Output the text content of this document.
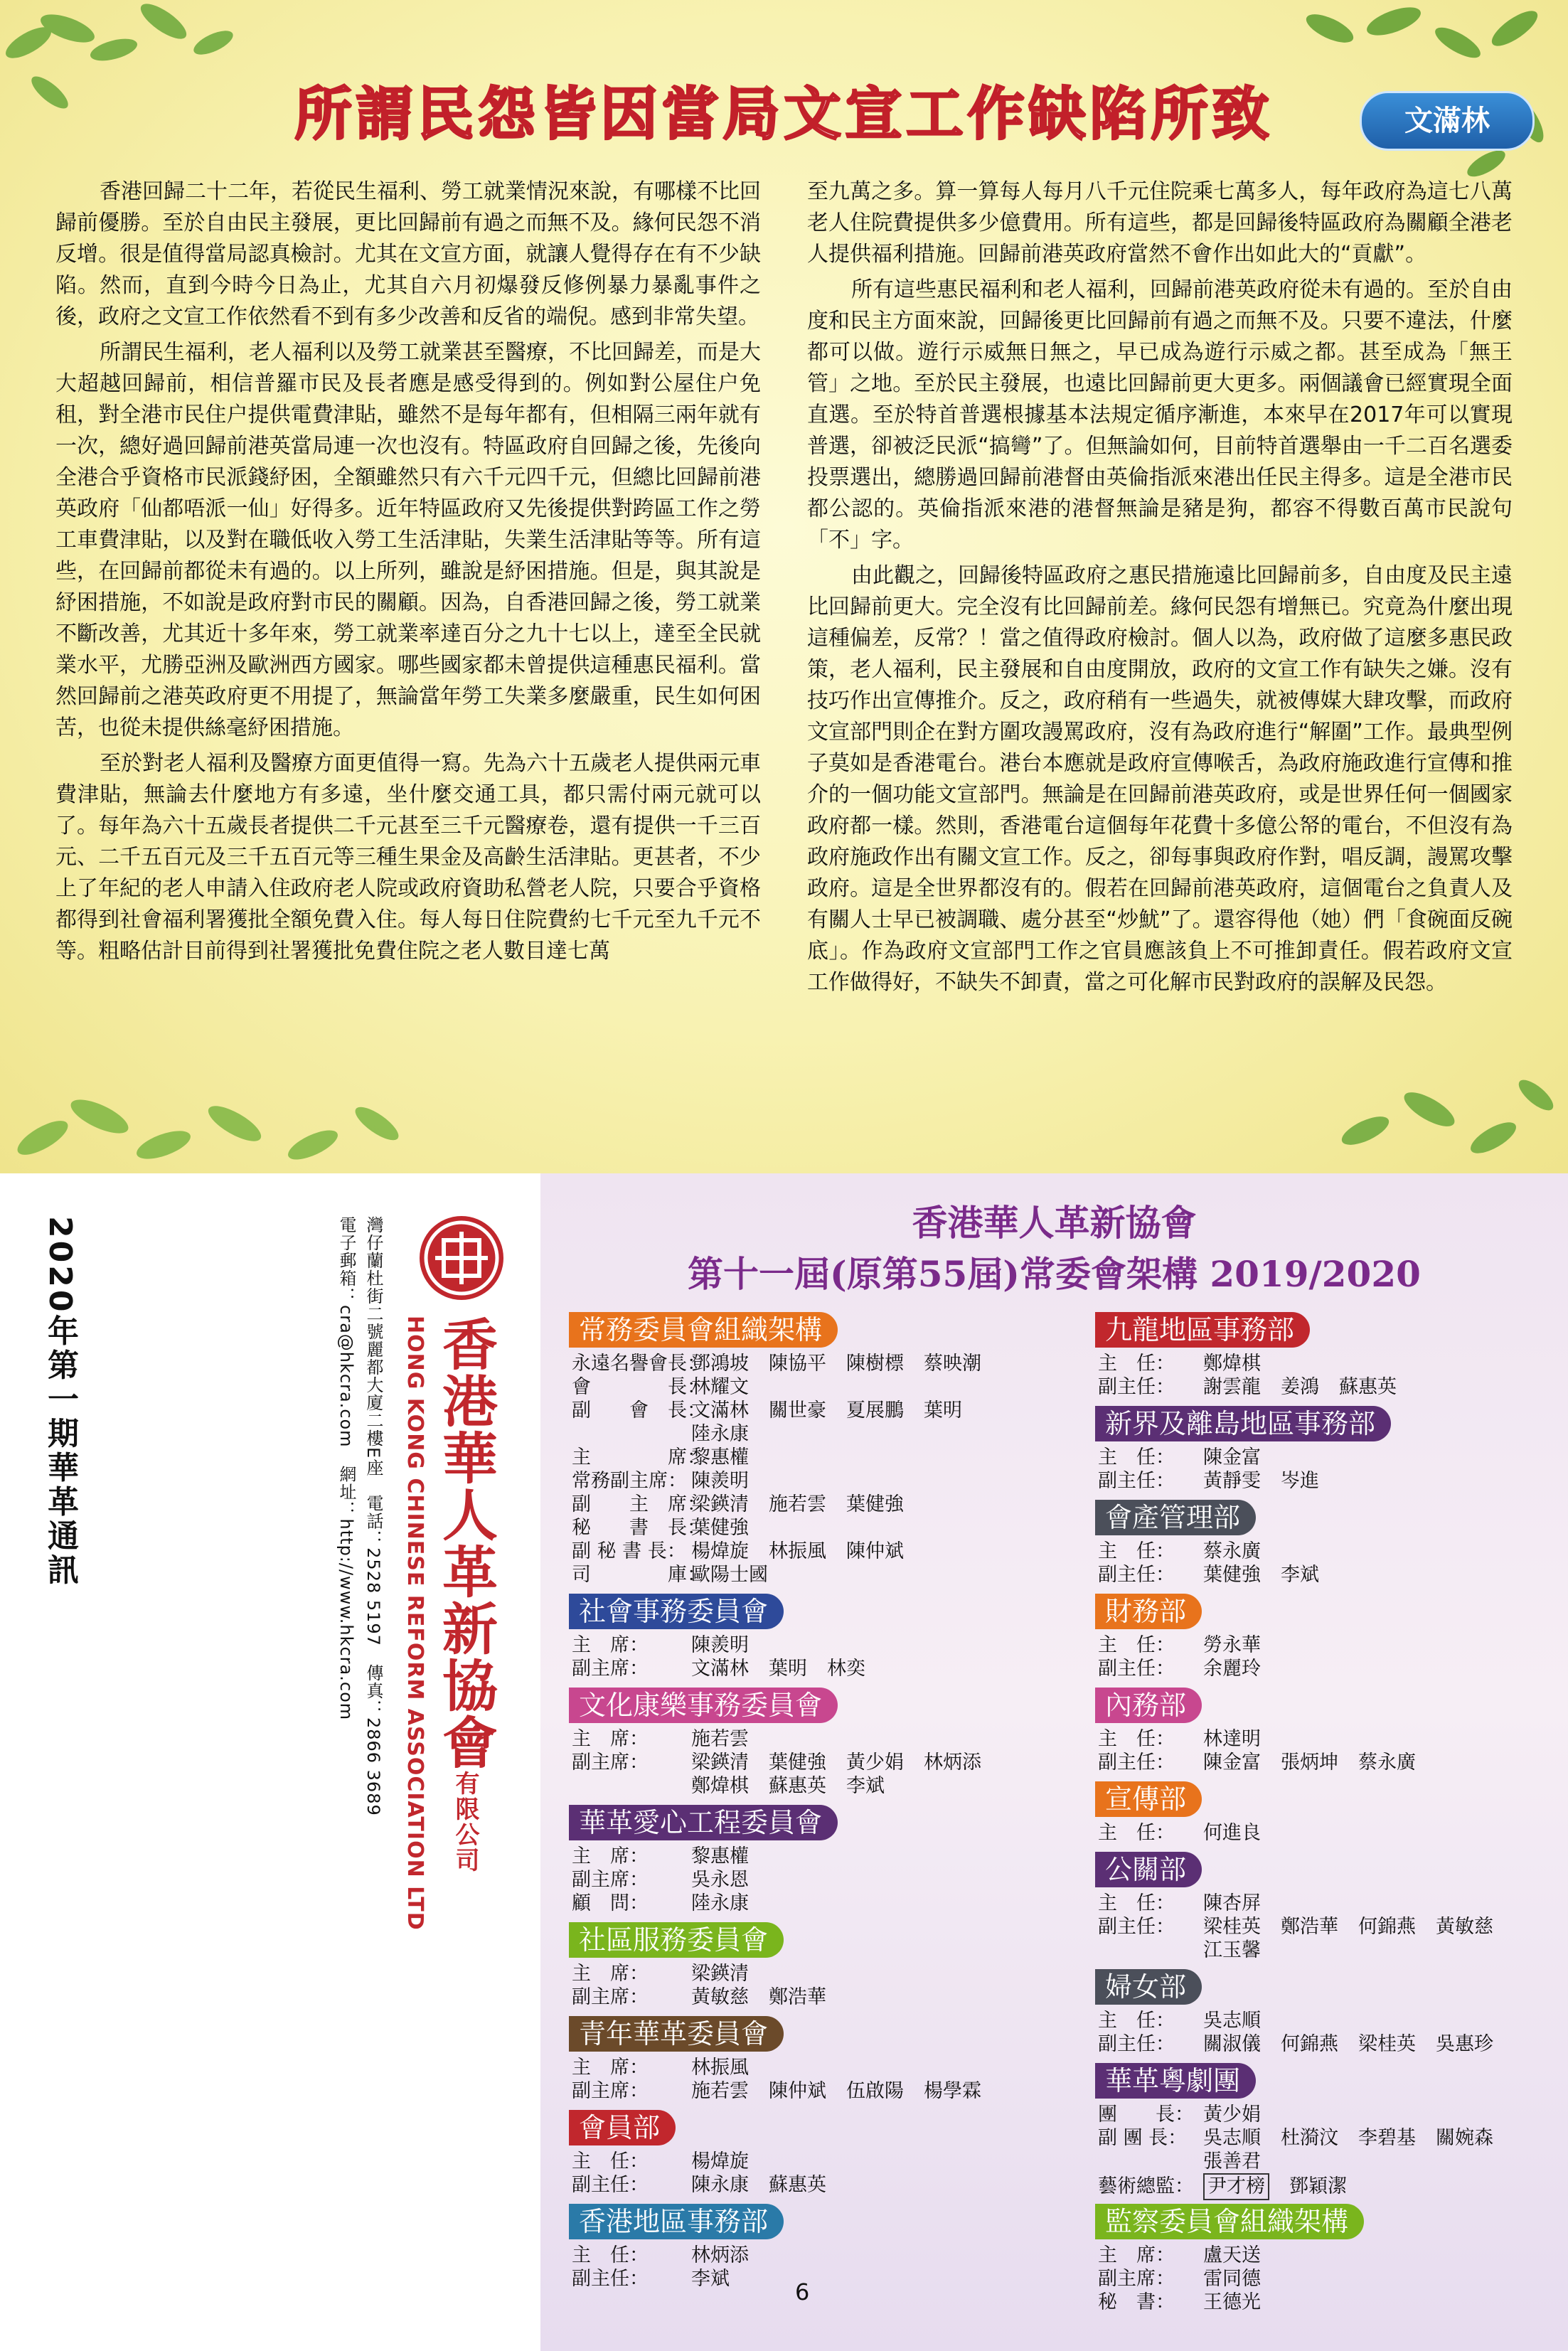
所謂民怨皆因當局文宣工作缺陷所致	文滿林

香港回歸二十二年，若從民生福利、勞工就業情況來說，有哪樣不比回歸前優勝。至於自由民主發展，更比回歸前有過之而無不及。緣何民怨不消反增。很是值得當局認真檢討。尤其在文宣方面，就讓人覺得存在有不少缺陷。然而，直到今時今日為止，尤其自六月初爆發反修例暴力暴亂事件之後，政府之文宣工作依然看不到有多少改善和反省的端倪。感到非常失望。

所謂民生福利，老人福利以及勞工就業甚至醫療，不比回歸差，而是大大超越回歸前，相信普羅市民及長者應是感受得到的。例如對公屋住户免租，對全港市民住户提供電費津貼，雖然不是每年都有，但相隔三兩年就有一次，總好過回歸前港英當局連一次也沒有。特區政府自回歸之後，先後向全港合乎資格市民派錢紓困，全額雖然只有六千元四千元，但總比回歸前港英政府「仙都唔派一仙」好得多。近年特區政府又先後提供對跨區工作之勞工車費津貼，以及對在職低收入勞工生活津貼，失業生活津貼等等。所有這些，在回歸前都從未有過的。以上所列，雖說是紓困措施。但是，與其說是紓困措施，不如說是政府對市民的關顧。因為，自香港回歸之後，勞工就業不斷改善，尤其近十多年來，勞工就業率達百分之九十七以上，達至全民就業水平，尤勝亞洲及歐洲西方國家。哪些國家都未曾提供這種惠民福利。當然回歸前之港英政府更不用提了，無論當年勞工失業多麼嚴重，民生如何困苦，也從未提供絲毫紓困措施。

至於對老人福利及醫療方面更值得一寫。先為六十五歲老人提供兩元車費津貼，無論去什麼地方有多遠，坐什麼交通工具，都只需付兩元就可以了。每年為六十五歲長者提供二千元甚至三千元醫療卷，還有提供一千三百元、二千五百元及三千五百元等三種生果金及高齡生活津貼。更甚者，不少上了年紀的老人申請入住政府老人院或政府資助私營老人院，只要合乎資格都得到社會福利署獲批全額免費入住。每人每日住院費約七千元至九千元不等。粗略估計目前得到社署獲批免費住院之老人數目達七萬

至九萬之多。算一算每人每月八千元住院乘七萬多人，每年政府為這七八萬老人住院費提供多少億費用。所有這些，都是回歸後特區政府為關顧全港老人提供福利措施。回歸前港英政府當然不會作出如此大的“貢獻”。

所有這些惠民福利和老人福利，回歸前港英政府從未有過的。至於自由度和民主方面來說，回歸後更比回歸前有過之而無不及。只要不違法，什麼都可以做。遊行示威無日無之，早已成為遊行示威之都。甚至成為「無王管」之地。至於民主發展，也遠比回歸前更大更多。兩個議會已經實現全面直選。至於特首普選根據基本法規定循序漸進，本來早在2017年可以實現普選，卻被泛民派“搞彎”了。但無論如何，目前特首選舉由一千二百名選委投票選出，總勝過回歸前港督由英倫指派來港出任民主得多。這是全港市民都公認的。英倫指派來港的港督無論是豬是狗，都容不得數百萬市民說句「不」字。

由此觀之，回歸後特區政府之惠民措施遠比回歸前多，自由度及民主遠比回歸前更大。完全沒有比回歸前差。緣何民怨有增無已。究竟為什麼出現這種偏差，反常？！當之值得政府檢討。個人以為，政府做了這麼多惠民政策，老人福利，民主發展和自由度開放，政府的文宣工作有缺失之嫌。沒有技巧作出宣傳推介。反之，政府稍有一些過失，就被傳媒大肆攻擊，而政府文宣部門則企在對方圍攻謾罵政府，沒有為政府進行“解圍”工作。最典型例子莫如是香港電台。港台本應就是政府宣傳喉舌，為政府施政進行宣傳和推介的一個功能文宣部門。無論是在回歸前港英政府，或是世界任何一個國家政府都一樣。然則，香港電台這個每年花費十多億公帑的電台，不但沒有為政府施政作出有關文宣工作。反之，卻每事與政府作對，唱反調，謾罵攻擊政府。這是全世界都沒有的。假若在回歸前港英政府，這個電台之負責人及有關人士早已被調職、處分甚至“炒魷”了。還容得他（她）們「食碗面反碗底」。作為政府文宣部門工作之官員應該負上不可推卸責任。假若政府文宣工作做得好，不缺失不卸責，當之可化解市民對政府的誤解及民怨。

2020年第一期華革通訊	香港華人革新協會有限公司
HONG KONG CHINESE REFORM ASSOCIATION LTD
灣仔蘭杜街二號麗都大廈二樓E座　電話：2528 5197　傳真：2866 3689
電子郵箱：cra@hkcra.com　網址：http://www.hkcra.com	香港華人革新協會
第十一屆(原第55屆)常委會架構 2019/2020
常務委員會組織架構
永遠名譽會長：鄧鴻坡 陳協平 陳樹標 蔡映潮
會　　　　長：林耀文
副　　會　長：文滿林 關世豪 夏展鵬 葉明
陸永康
主　　　　席：黎惠權
常務副主席： 陳羨明
副　　主　席：梁鍈清 施若雲 葉健強
秘　　書　長：葉健強
副 秘 書 長： 楊煒旋 林振風 陳仲斌
司　　　　庫：歐陽士國
社會事務委員會
主　席： 陳羨明
副主席： 文滿林 葉明 林奕
文化康樂事務委員會
主　席： 施若雲
副主席： 梁鍈清 葉健強 黃少娟 林炳添
　　　　鄭煒棋 蘇惠英 李斌
華革愛心工程委員會
主　席： 黎惠權
副主席： 吳永恩
顧　問： 陸永康
社區服務委員會
主　席： 梁鍈清
副主席： 黃敏慈 鄭浩華
青年華革委員會
主　席： 林振風
副主席： 施若雲 陳仲斌 伍啟陽 楊學霖
會員部
主　任： 楊煒旋
副主任： 陳永康 蘇惠英
香港地區事務部
主　任： 林炳添
副主任： 李斌
九龍地區事務部
主　任： 鄭煒棋
副主任： 謝雲龍 姜鴻 蘇惠英
新界及離島地區事務部
主　任： 陳金富
副主任： 黃靜雯 岑進
會產管理部
主　任： 蔡永廣
副主任： 葉健強 李斌
財務部
主　任： 勞永華
副主任： 余麗玲
內務部
主　任： 林達明
副主任： 陳金富 張炳坤 蔡永廣
宣傳部
主　任： 何進良
公關部
主　任： 陳杏屏
副主任： 梁桂英 鄭浩華 何錦燕 黃敏慈
　　　　江玉馨
婦女部
主　任： 吳志順
副主任： 關淑儀 何錦燕 梁桂英 吳惠珍
華革粵劇團
團　　長： 黃少娟
副 團 長： 吳志順 杜漪汶 李碧基 關婉森
　　　　　張善君
藝術總監： 尹才榜 鄧穎潔
監察委員會組織架構
主　席： 盧天送
副主席： 雷同德
秘　書： 王德光
6
